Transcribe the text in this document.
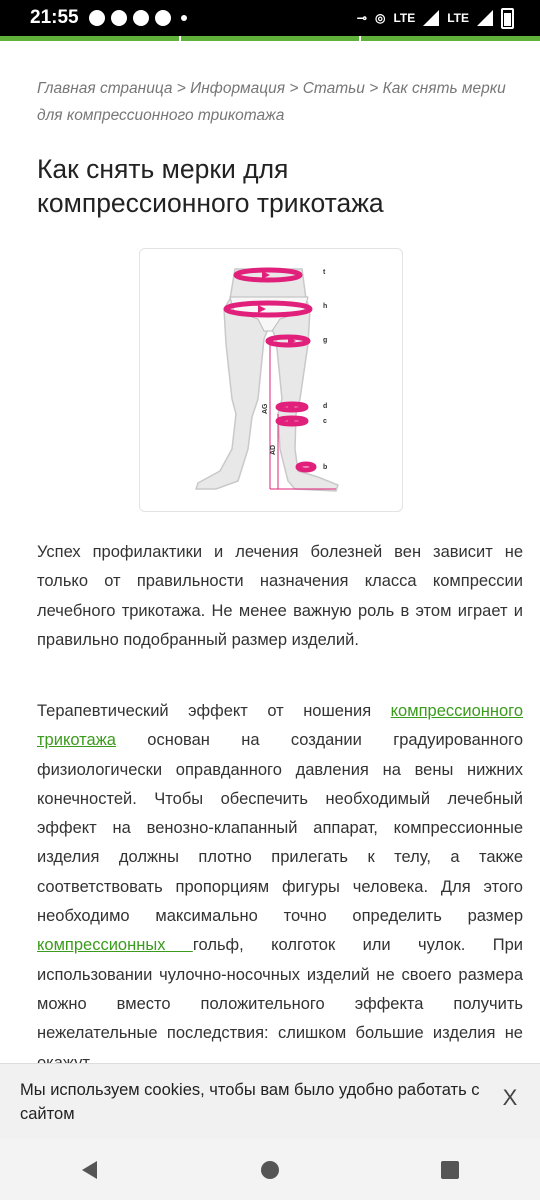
21:55	⊸ ◎ LTE	LTE
Главная страница > Информация > Статьи > Как снять мерки для компрессионного трикотажа
Как снять мерки для компрессионного трикотажа
t
h
g
d
c
b
AG
AD

Успех профилактики и лечения болезней вен зависит не только от правильности назначения класса компрессии лечебного трикотажа. Не менее важную роль в этом играет и правильно подобранный размер изделий.

Терапевтический эффект от ношения компрессионного трикотажа основан на создании градуированного физиологически оправданного давления на вены нижних конечностей. Чтобы обеспечить необходимый лечебный эффект на венозно-клапанный аппарат, компрессионные изделия должны плотно прилегать к телу, а также соответствовать пропорциям фигуры человека. Для этого необходимо максимально точно определить размер компрессионных гольф, колготок или чулок. При использовании чулочно-носочных изделий не своего размера можно вместо положительного эффекта получить нежелательные последствия: слишком большие изделия не

Мы используем cookies, чтобы вам было удобно работать с сайтом
X
